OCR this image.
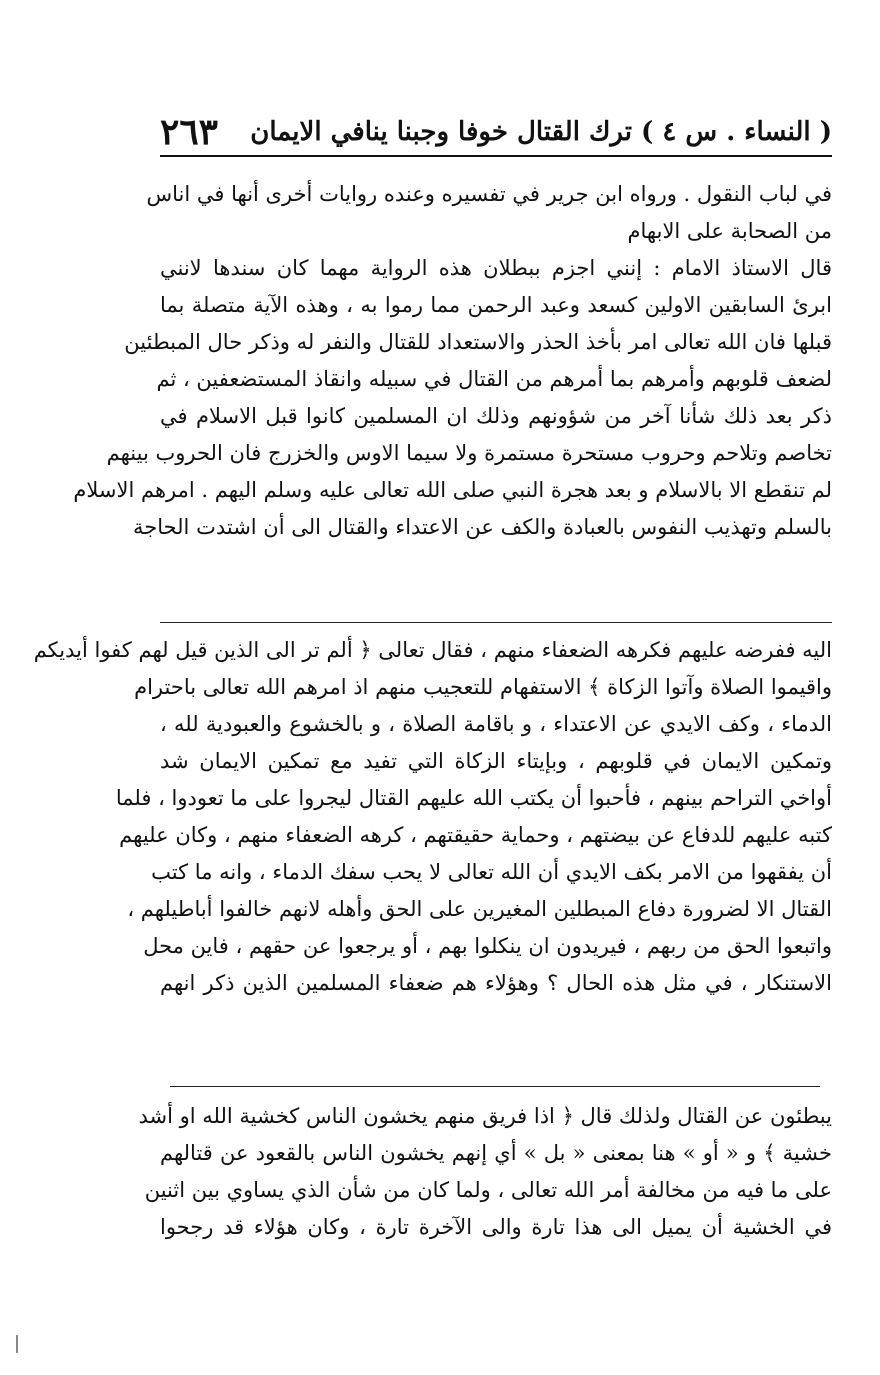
( النساء . س ٤ ) ترك القتال خوفا وجبنا ينافي الايمان
٢٦٣
في لباب النقول . ورواه ابن جرير في تفسيره وعنده روايات أخرى أنها في اناس
من الصحابة على الابهام
قال الاستاذ الامام : إنني اجزم ببطلان هذه الرواية مهما كان سندها لانني
ابرئ السابقين الاولين كسعد وعبد الرحمن مما رموا به ، وهذه الآية متصلة بما
قبلها فان الله تعالى امر بأخذ الحذر والاستعداد للقتال والنفر له وذكر حال المبطئين
لضعف قلوبهم وأمرهم بما أمرهم من القتال في سبيله وانقاذ المستضعفين ، ثم
ذكر بعد ذلك شأنا آخر من شؤونهم وذلك ان المسلمين كانوا قبل الاسلام في
تخاصم وتلاحم وحروب مستحرة مستمرة ولا سيما الاوس والخزرج فان الحروب بينهم
لم تنقطع الا بالاسلام و بعد هجرة النبي صلى الله تعالى عليه وسلم اليهم . امرهم الاسلام
بالسلم وتهذيب النفوس بالعبادة والكف عن الاعتداء والقتال الى أن اشتدت الحاجة
اليه ففرضه عليهم فكرهه الضعفاء منهم ، فقال تعالى ﴿ ألم تر الى الذين قيل لهم كفوا أيديكم
واقيموا الصلاة وآتوا الزكاة ﴾ الاستفهام للتعجيب منهم اذ امرهم الله تعالى باحترام
الدماء ، وكف الايدي عن الاعتداء ، و باقامة الصلاة ، و بالخشوع والعبودية لله ،
وتمكين الايمان في قلوبهم ، وبإيتاء الزكاة التي تفيد مع تمكين الايمان شد
أواخي التراحم بينهم ، فأحبوا أن يكتب الله عليهم القتال ليجروا على ما تعودوا ، فلما
كتبه عليهم للدفاع عن بيضتهم ، وحماية حقيقتهم ، كرهه الضعفاء منهم ، وكان عليهم
أن يفقهوا من الامر بكف الايدي أن الله تعالى لا يحب سفك الدماء ، وانه ما كتب
القتال الا لضرورة دفاع المبطلين المغيرين على الحق وأهله لانهم خالفوا أباطيلهم ،
واتبعوا الحق من ربهم ، فيريدون ان ينكلوا بهم ، أو يرجعوا عن حقهم ، فاين محل
الاستنكار ، في مثل هذه الحال ؟ وهؤلاء هم ضعفاء المسلمين الذين ذكر انهم
يبطئون عن القتال ولذلك قال ﴿ اذا فريق منهم يخشون الناس كخشية الله او أشد
خشية ﴾ و « أو » هنا بمعنى « بل » أي إنهم يخشون الناس بالقعود عن قتالهم
على ما فيه من مخالفة أمر الله تعالى ، ولما كان من شأن الذي يساوي بين اثنين
في الخشية أن يميل الى هذا تارة والى الآخرة تارة ، وكان هؤلاء قد رجحوا
